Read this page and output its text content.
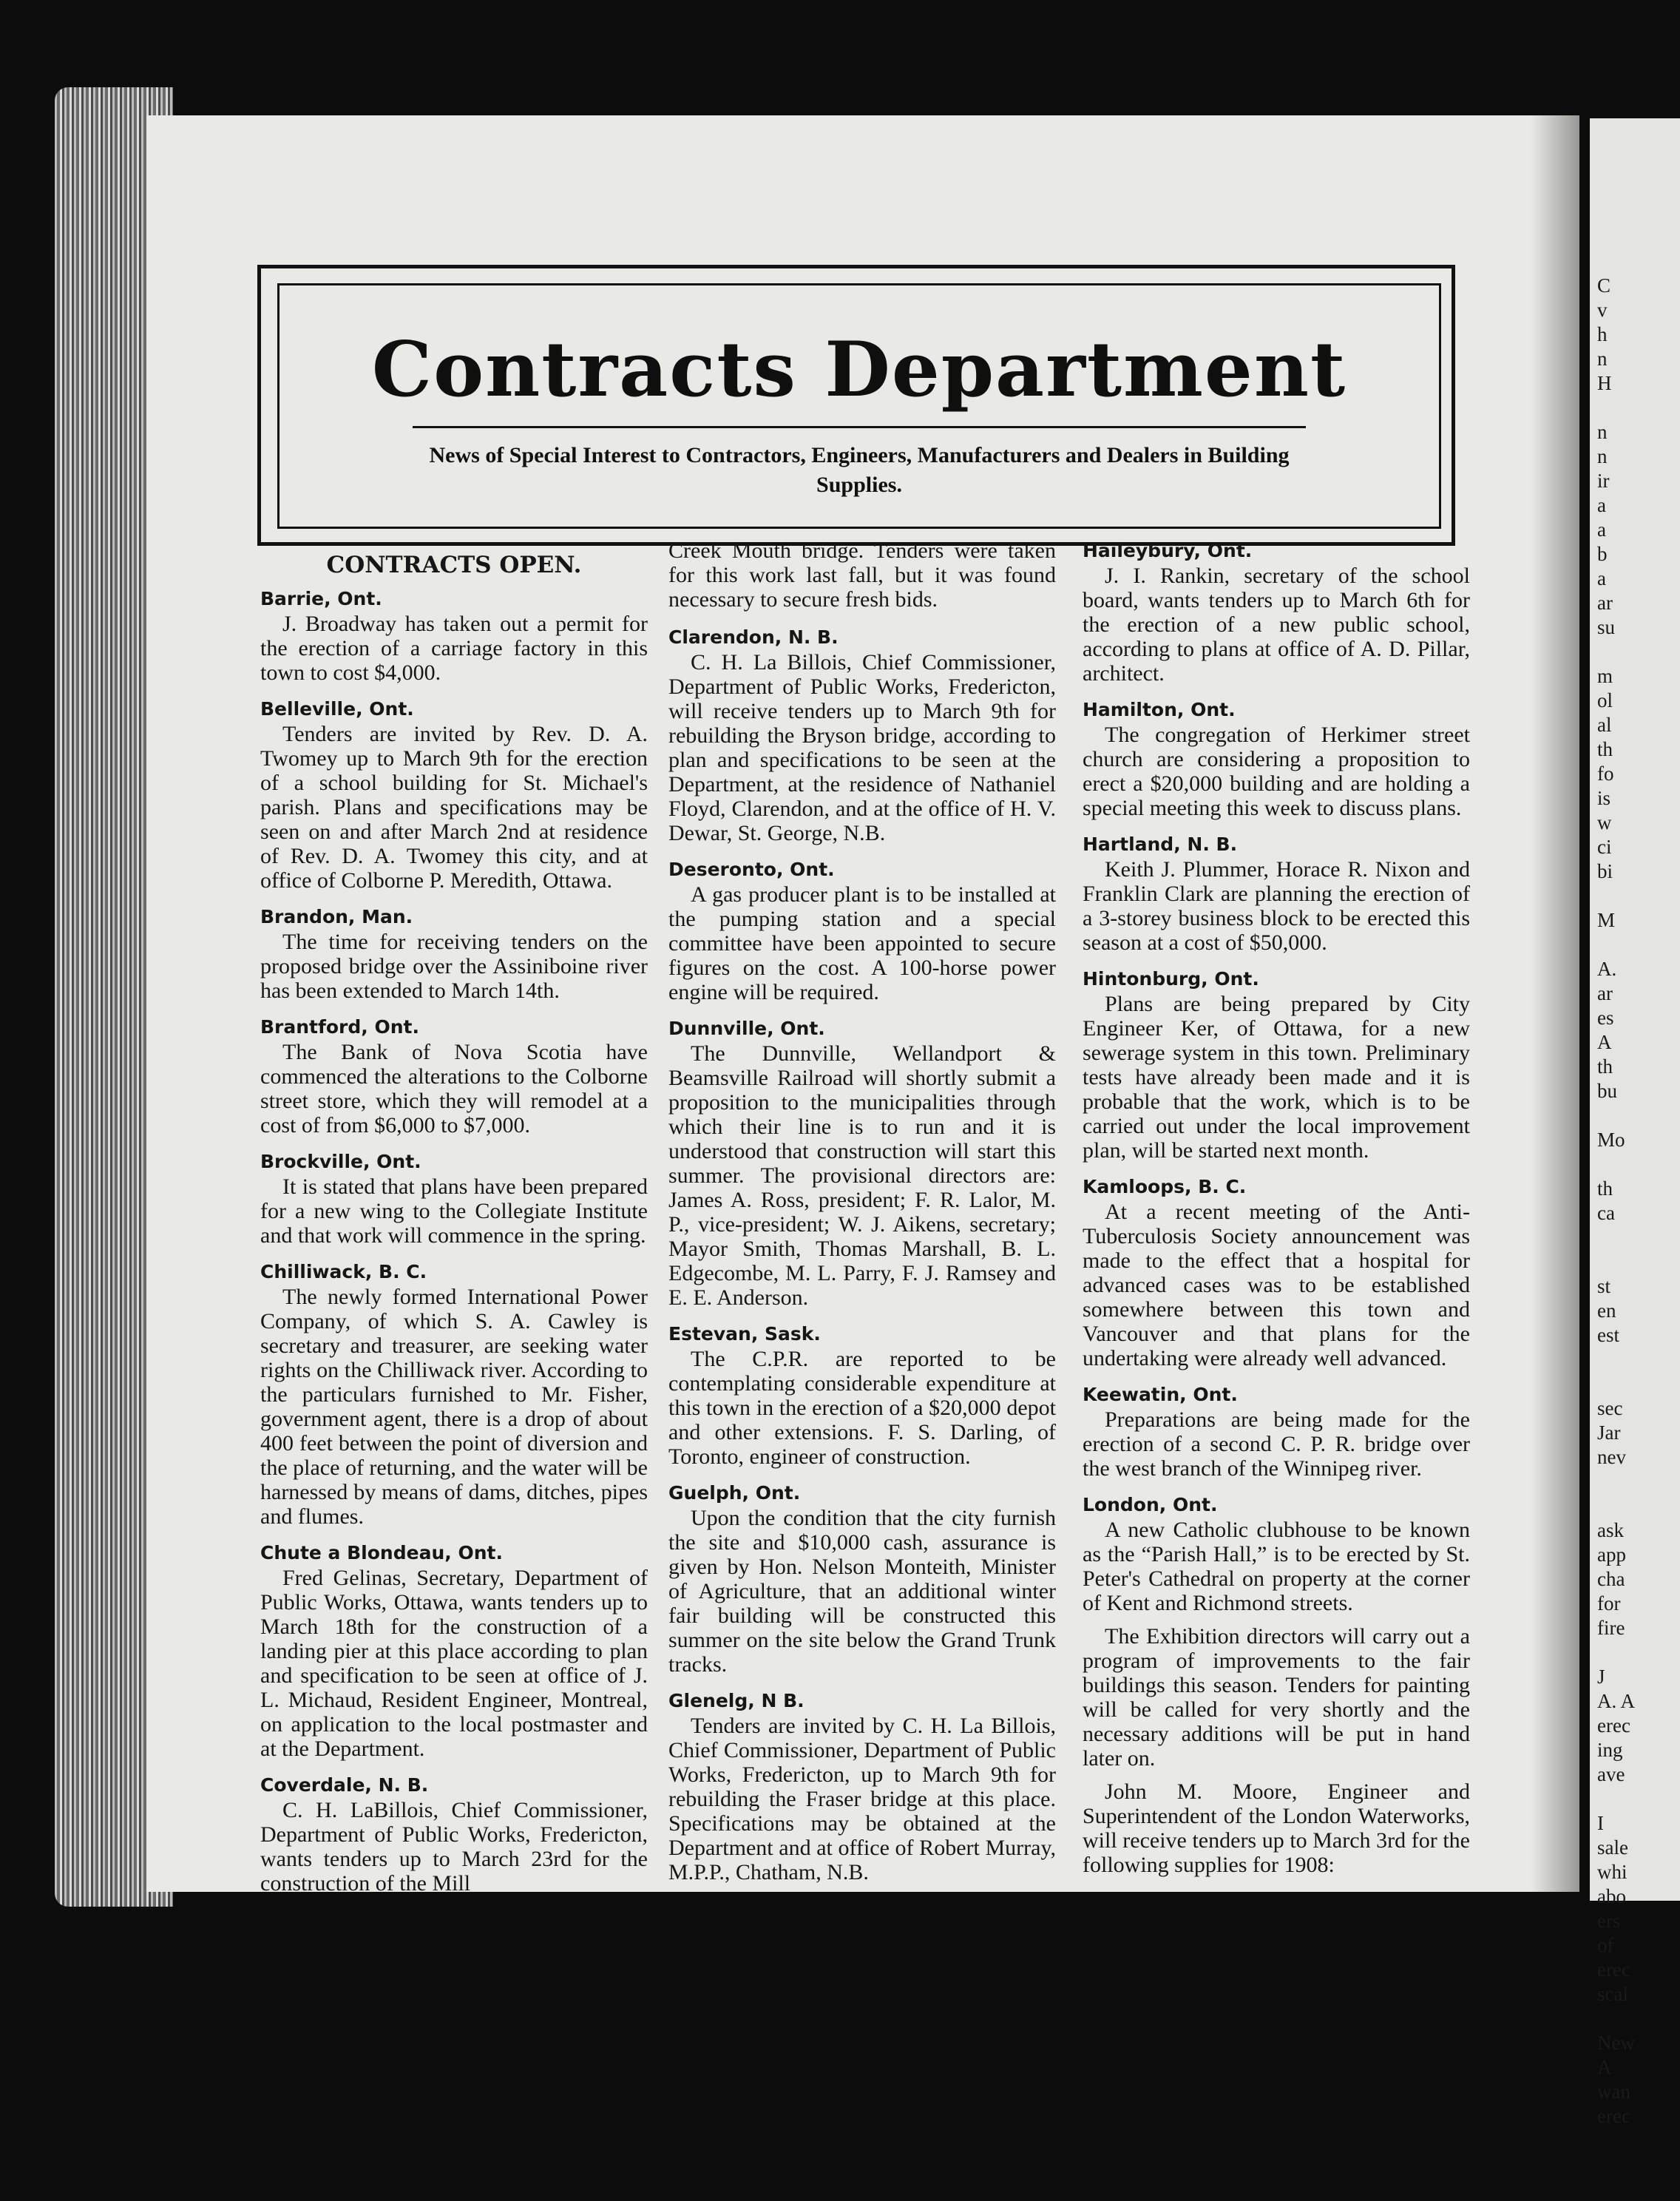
C
v
h
n
H

n
n
ir
a
a
b
a
ar
su

m
ol
al
th
fo
is
w
ci
bi

M

A.
ar
es
A
th
bu

Mo

th
ca

st
en
est

sec
Jar
nev

ask
app
cha
for
fire

J
A. A
erec
ing
ave

I
sale
whi
abo
ers
of
erec
scal

New
A
wan
erec
Contracts Department

News of Special Interest to Contractors, Engineers, Manufacturers and Dealers in Building Supplies.

CONTRACTS OPEN.
Barrie, Ont.

J. Broadway has taken out a permit for the erection of a carriage factory in this town to cost $4,000.

Belleville, Ont.

Tenders are invited by Rev. D. A. Twomey up to March 9th for the erection of a school building for St. Michael's parish. Plans and specifications may be seen on and after March 2nd at residence of Rev. D. A. Twomey this city, and at office of Colborne P. Meredith, Ottawa.

Brandon, Man.

The time for receiving tenders on the proposed bridge over the Assiniboine river has been extended to March 14th.

Brantford, Ont.

The Bank of Nova Scotia have commenced the alterations to the Colborne street store, which they will remodel at a cost of from $6,000 to $7,000.

Brockville, Ont.

It is stated that plans have been prepared for a new wing to the Collegiate Institute and that work will commence in the spring.

Chilliwack, B. C.

The newly formed International Power Company, of which S. A. Cawley is secretary and treasurer, are seeking water rights on the Chilliwack river. According to the particulars furnished to Mr. Fisher, government agent, there is a drop of about 400 feet between the point of diversion and the place of returning, and the water will be harnessed by means of dams, ditches, pipes and flumes.

Chute a Blondeau, Ont.

Fred Gelinas, Secretary, Department of Public Works, Ottawa, wants tenders up to March 18th for the construction of a landing pier at this place according to plan and specification to be seen at office of J. L. Michaud, Resident Engineer, Montreal, on application to the local postmaster and at the Department.

Coverdale, N. B.

C. H. LaBillois, Chief Commissioner, Department of Public Works, Fredericton, wants tenders up to March 23rd for the construction of the Mill

Creek Mouth bridge. Tenders were taken for this work last fall, but it was found necessary to secure fresh bids.

Clarendon, N. B.

C. H. La Billois, Chief Commissioner, Department of Public Works, Fredericton, will receive tenders up to March 9th for rebuilding the Bryson bridge, according to plan and specifications to be seen at the Department, at the residence of Nathaniel Floyd, Clarendon, and at the office of H. V. Dewar, St. George, N.B.

Deseronto, Ont.

A gas producer plant is to be installed at the pumping station and a special committee have been appointed to secure figures on the cost. A 100-horse power engine will be required.

Dunnville, Ont.

The Dunnville, Wellandport & Beamsville Railroad will shortly submit a proposition to the municipalities through which their line is to run and it is understood that construction will start this summer. The provisional directors are: James A. Ross, president; F. R. Lalor, M. P., vice-president; W. J. Aikens, secretary; Mayor Smith, Thomas Marshall, B. L. Edgecombe, M. L. Parry, F. J. Ramsey and E. E. Anderson.

Estevan, Sask.

The C.P.R. are reported to be contemplating considerable expenditure at this town in the erection of a $20,000 depot and other extensions. F. S. Darling, of Toronto, engineer of construction.

Guelph, Ont.

Upon the condition that the city furnish the site and $10,000 cash, assurance is given by Hon. Nelson Monteith, Minister of Agriculture, that an additional winter fair building will be constructed this summer on the site below the Grand Trunk tracks.

Glenelg, N B.

Tenders are invited by C. H. La Billois, Chief Commissioner, Department of Public Works, Fredericton, up to March 9th for rebuilding the Fraser bridge at this place. Specifications may be obtained at the Department and at office of Robert Murray, M.P.P., Chatham, N.B.

Haileybury, Ont.

J. I. Rankin, secretary of the school board, wants tenders up to March 6th for the erection of a new public school, according to plans at office of A. D. Pillar, architect.

Hamilton, Ont.

The congregation of Herkimer street church are considering a proposition to erect a $20,000 building and are holding a special meeting this week to discuss plans.

Hartland, N. B.

Keith J. Plummer, Horace R. Nixon and Franklin Clark are planning the erection of a 3-storey business block to be erected this season at a cost of $50,000.

Hintonburg, Ont.

Plans are being prepared by City Engineer Ker, of Ottawa, for a new sewerage system in this town. Preliminary tests have already been made and it is probable that the work, which is to be carried out under the local improvement plan, will be started next month.

Kamloops, B. C.

At a recent meeting of the Anti-Tuberculosis Society announcement was made to the effect that a hospital for advanced cases was to be established somewhere between this town and Vancouver and that plans for the undertaking were already well advanced.

Keewatin, Ont.

Preparations are being made for the erection of a second C. P. R. bridge over the west branch of the Winnipeg river.

London, Ont.

A new Catholic clubhouse to be known as the “Parish Hall,” is to be erected by St. Peter's Cathedral on property at the corner of Kent and Richmond streets.

The Exhibition directors will carry out a program of improvements to the fair buildings this season. Tenders for painting will be called for very shortly and the necessary additions will be put in hand later on.

John M. Moore, Engineer and Superintendent of the London Waterworks, will receive tenders up to March 3rd for the following supplies for 1908:
